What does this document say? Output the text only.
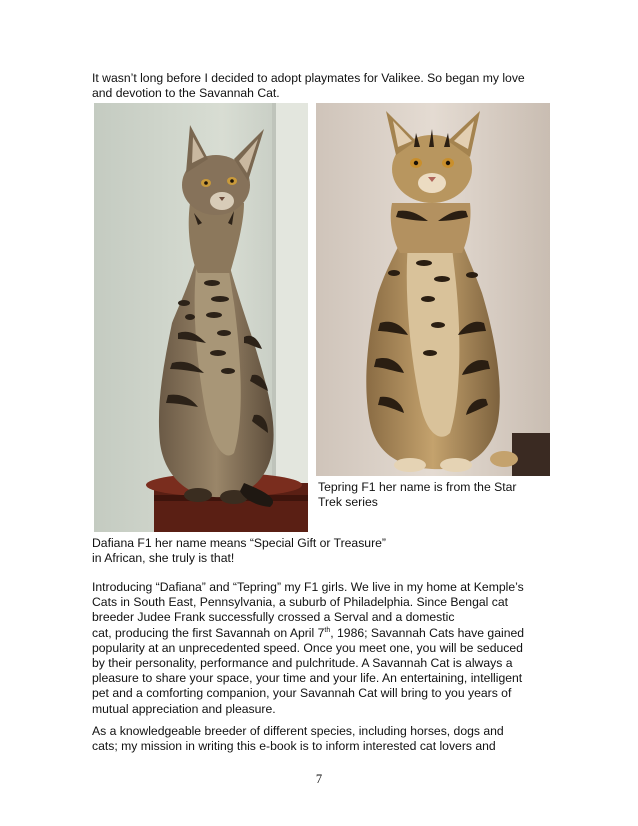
It wasn’t long before I decided to adopt playmates for Valikee. So began my love

and devotion to the Savannah Cat.

Tepring F1 her name is from the Star

Trek series

Dafiana F1 her name means “Special Gift or Treasure”

in African, she truly is that!

Introducing “Dafiana” and “Tepring” my F1 girls. We live in my home at Kemple’s

Cats in South East, Pennsylvania, a suburb of Philadelphia. Since Bengal cat

breeder Judee Frank successfully crossed a Serval and a domestic

cat, producing the first Savannah on April 7th, 1986; Savannah Cats have gained

popularity at an unprecedented speed. Once you meet one, you will be seduced

by their personality, performance and pulchritude. A Savannah Cat is always a

pleasure to share your space, your time and your life. An entertaining, intelligent

pet and a comforting companion, your Savannah Cat will bring to you years of

mutual appreciation and pleasure.

As a knowledgeable breeder of different species, including horses, dogs and

cats; my mission in writing this e-book is to inform interested cat lovers and

7
